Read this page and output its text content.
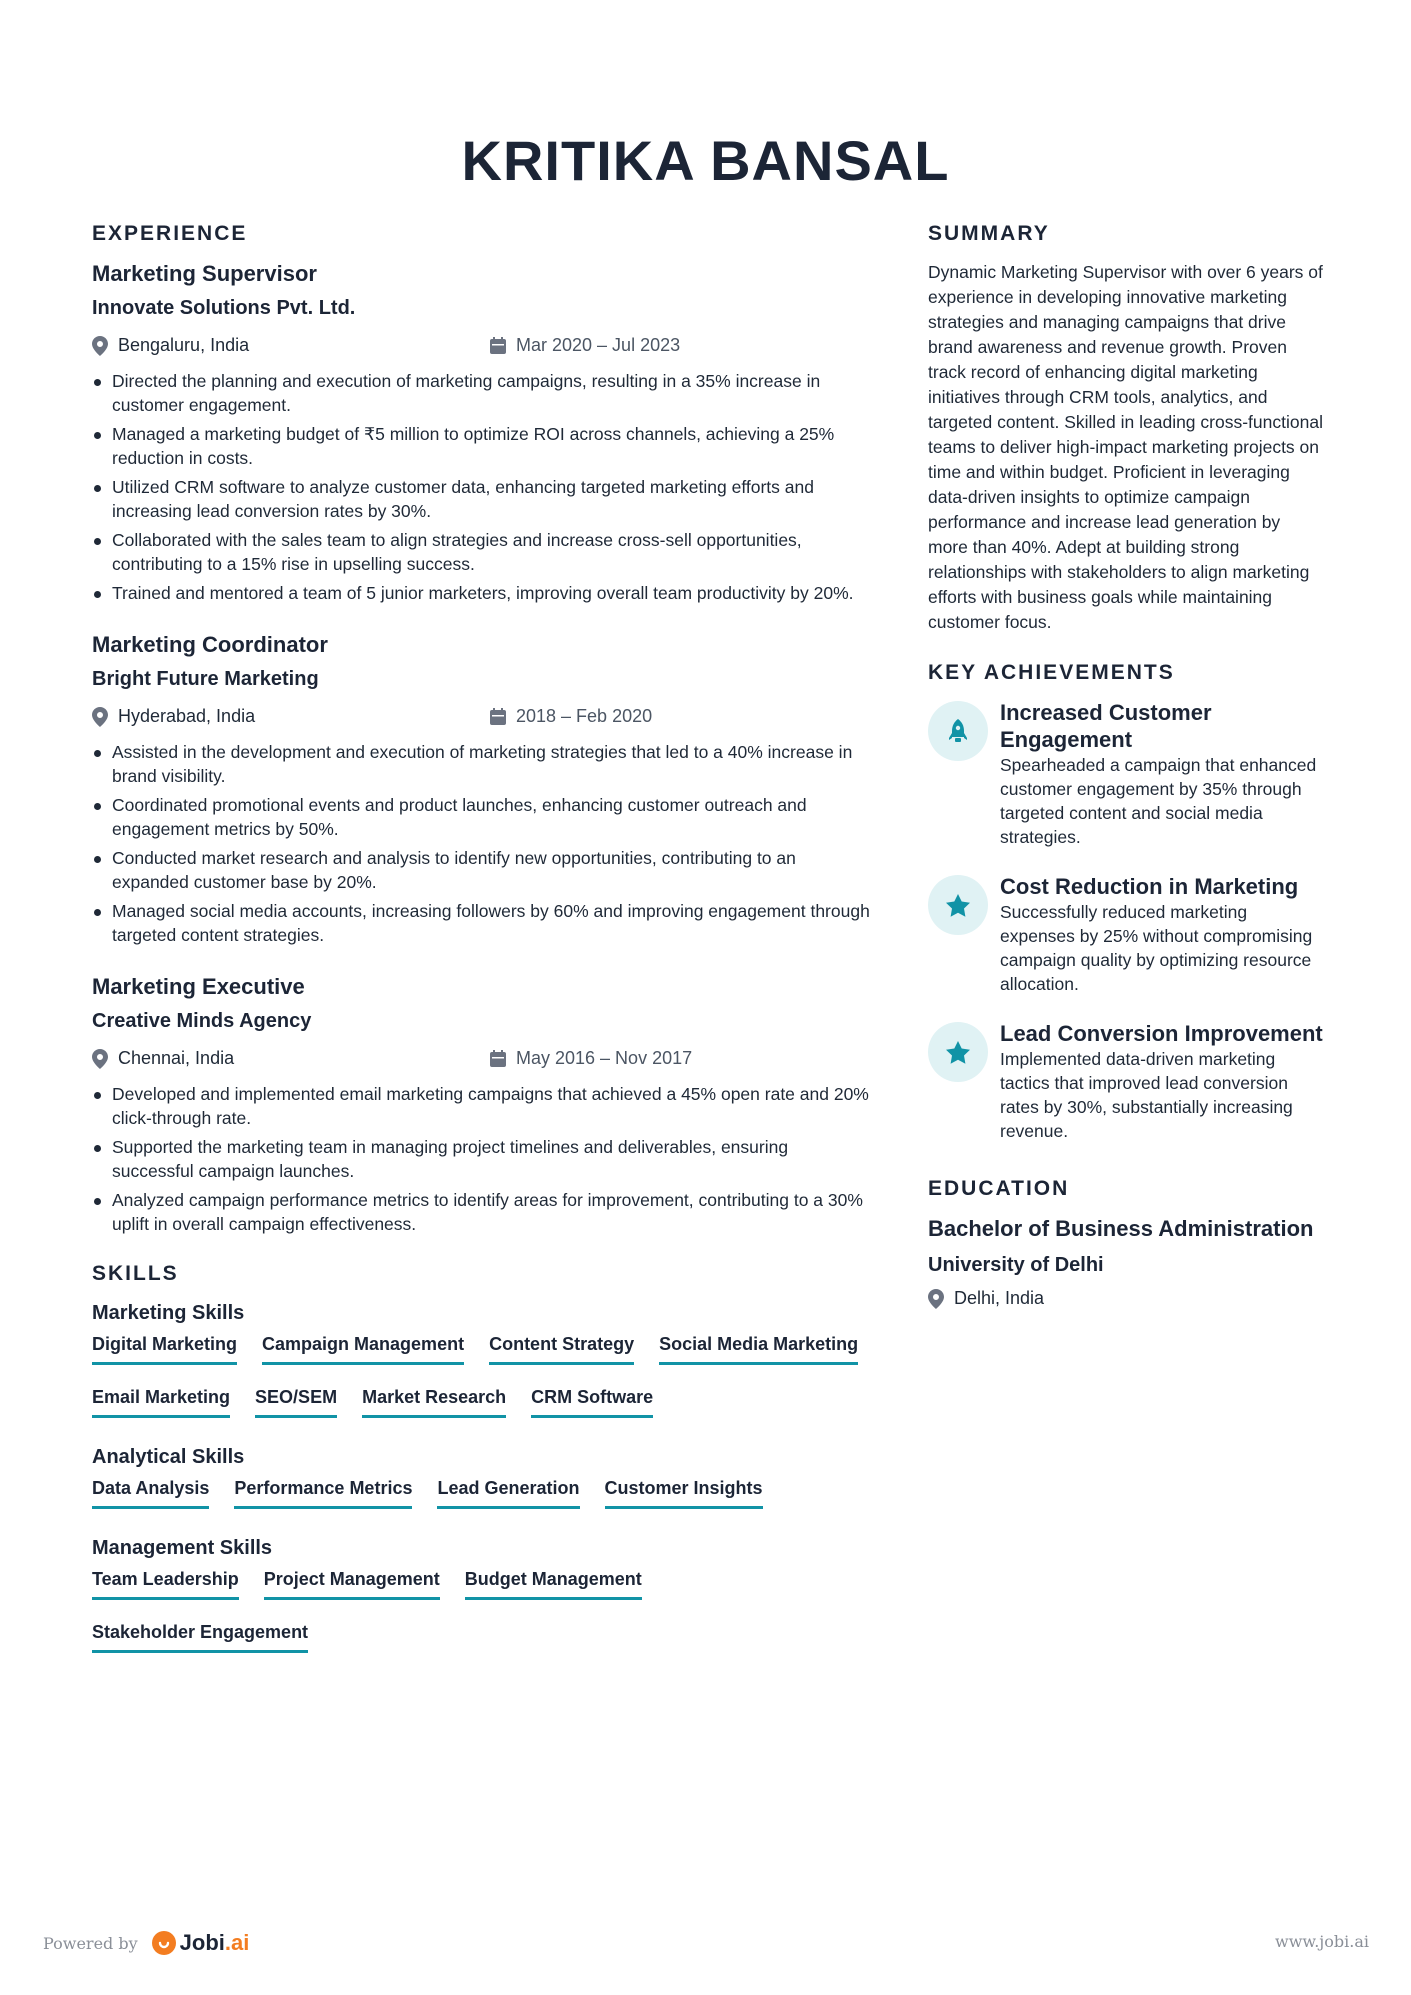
KRITIKA BANSAL
EXPERIENCE
Marketing Supervisor
Innovate Solutions Pvt. Ltd.
Bengaluru, India	Mar 2020 – Jul 2023
Directed the planning and execution of marketing campaigns, resulting in a 35% increase in customer engagement.
Managed a marketing budget of ₹5 million to optimize ROI across channels, achieving a 25% reduction in costs.
Utilized CRM software to analyze customer data, enhancing targeted marketing efforts and increasing lead conversion rates by 30%.
Collaborated with the sales team to align strategies and increase cross-sell opportunities, contributing to a 15% rise in upselling success.
Trained and mentored a team of 5 junior marketers, improving overall team productivity by 20%.
Marketing Coordinator
Bright Future Marketing
Hyderabad, India	2018 – Feb 2020
Assisted in the development and execution of marketing strategies that led to a 40% increase in brand visibility.
Coordinated promotional events and product launches, enhancing customer outreach and engagement metrics by 50%.
Conducted market research and analysis to identify new opportunities, contributing to an expanded customer base by 20%.
Managed social media accounts, increasing followers by 60% and improving engagement through targeted content strategies.
Marketing Executive
Creative Minds Agency
Chennai, India	May 2016 – Nov 2017
Developed and implemented email marketing campaigns that achieved a 45% open rate and 20% click-through rate.
Supported the marketing team in managing project timelines and deliverables, ensuring successful campaign launches.
Analyzed campaign performance metrics to identify areas for improvement, contributing to a 30% uplift in overall campaign effectiveness.
SKILLS
Marketing Skills
Digital Marketing Campaign Management Content Strategy Social Media Marketing
Email Marketing SEO/SEM Market Research CRM Software
Analytical Skills
Data Analysis Performance Metrics Lead Generation Customer Insights
Management Skills
Team Leadership Project Management Budget Management
Stakeholder Engagement
SUMMARY

Dynamic Marketing Supervisor with over 6 years of experience in developing innovative marketing strategies and managing campaigns that drive brand awareness and revenue growth. Proven track record of enhancing digital marketing initiatives through CRM tools, analytics, and targeted content. Skilled in leading cross-functional teams to deliver high-impact marketing projects on time and within budget. Proficient in leveraging data-driven insights to optimize campaign performance and increase lead generation by more than 40%. Adept at building strong relationships with stakeholders to align marketing efforts with business goals while maintaining customer focus.

KEY ACHIEVEMENTS
Increased Customer Engagement
Spearheaded a campaign that enhanced customer engagement by 35% through targeted content and social media strategies.
Cost Reduction in Marketing
Successfully reduced marketing expenses by 25% without compromising campaign quality by optimizing resource allocation.
Lead Conversion Improvement
Implemented data-driven marketing tactics that improved lead conversion rates by 30%, substantially increasing revenue.
EDUCATION
Bachelor of Business Administration
University of Delhi
Delhi, India
Powered by Jobi .ai	www.jobi.ai
